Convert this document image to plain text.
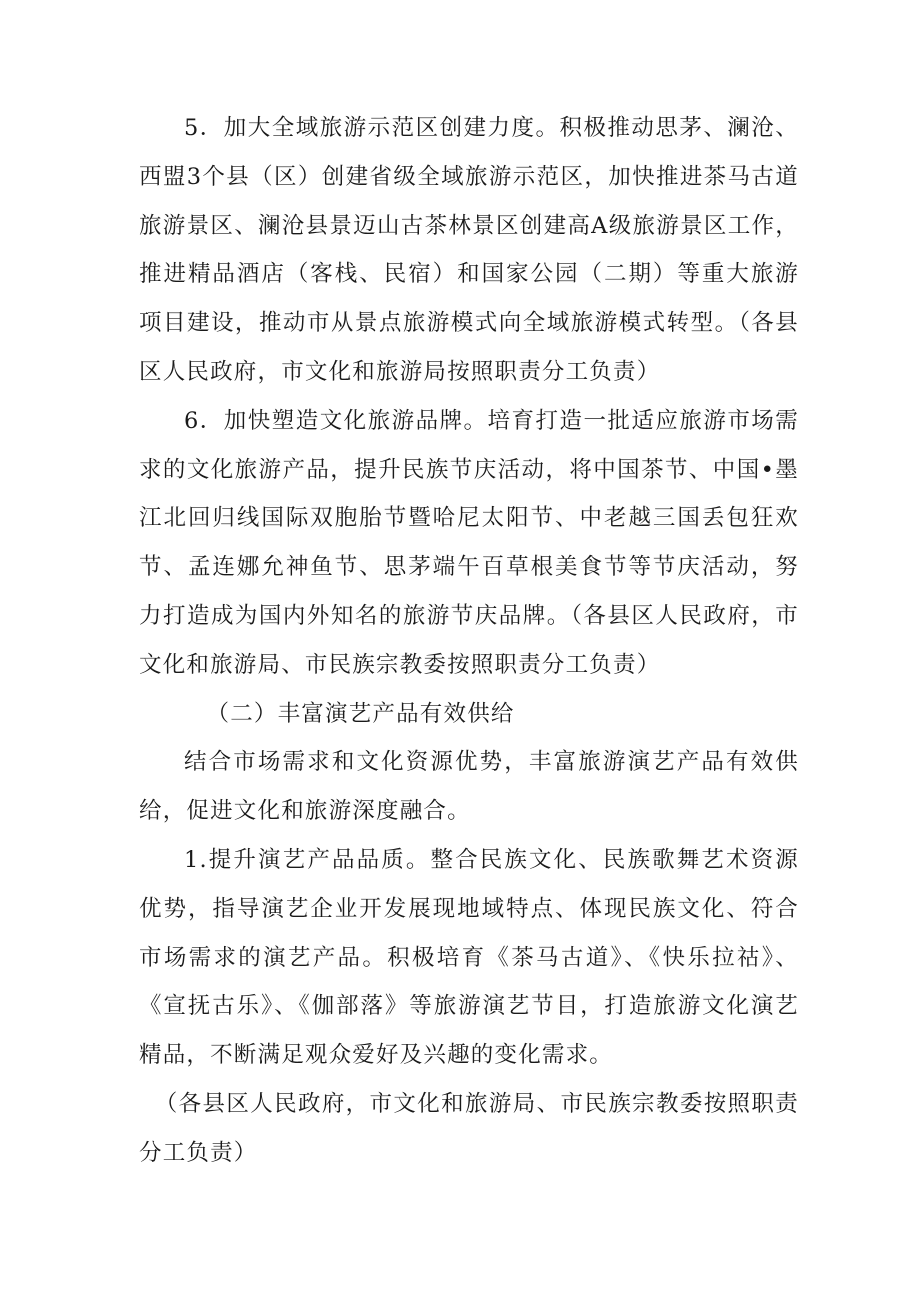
5．加大全域旅游示范区创建力度。积极推动思茅、澜沧、西盟3个县（区）创建省级全域旅游示范区，加快推进茶马古道旅游景区、澜沧县景迈山古茶林景区创建高A级旅游景区工作，推进精品酒店（客栈、民宿）和国家公园（二期）等重大旅游项目建设，推动市从景点旅游模式向全域旅游模式转型。（各县区人民政府，市文化和旅游局按照职责分工负责）

6．加快塑造文化旅游品牌。培育打造一批适应旅游市场需求的文化旅游产品，提升民族节庆活动，将中国茶节、中国•墨江北回归线国际双胞胎节暨哈尼太阳节、中老越三国丢包狂欢节、孟连娜允神鱼节、思茅端午百草根美食节等节庆活动，努力打造成为国内外知名的旅游节庆品牌。（各县区人民政府，市文化和旅游局、市民族宗教委按照职责分工负责）

（二）丰富演艺产品有效供给

结合市场需求和文化资源优势，丰富旅游演艺产品有效供给，促进文化和旅游深度融合。

1.提升演艺产品品质。整合民族文化、民族歌舞艺术资源优势，指导演艺企业开发展现地域特点、体现民族文化、符合市场需求的演艺产品。积极培育《茶马古道》、《快乐拉祜》、《宣抚古乐》、《伽部落》等旅游演艺节目，打造旅游文化演艺精品，不断满足观众爱好及兴趣的变化需求。

（各县区人民政府，市文化和旅游局、市民族宗教委按照职责分工负责）
